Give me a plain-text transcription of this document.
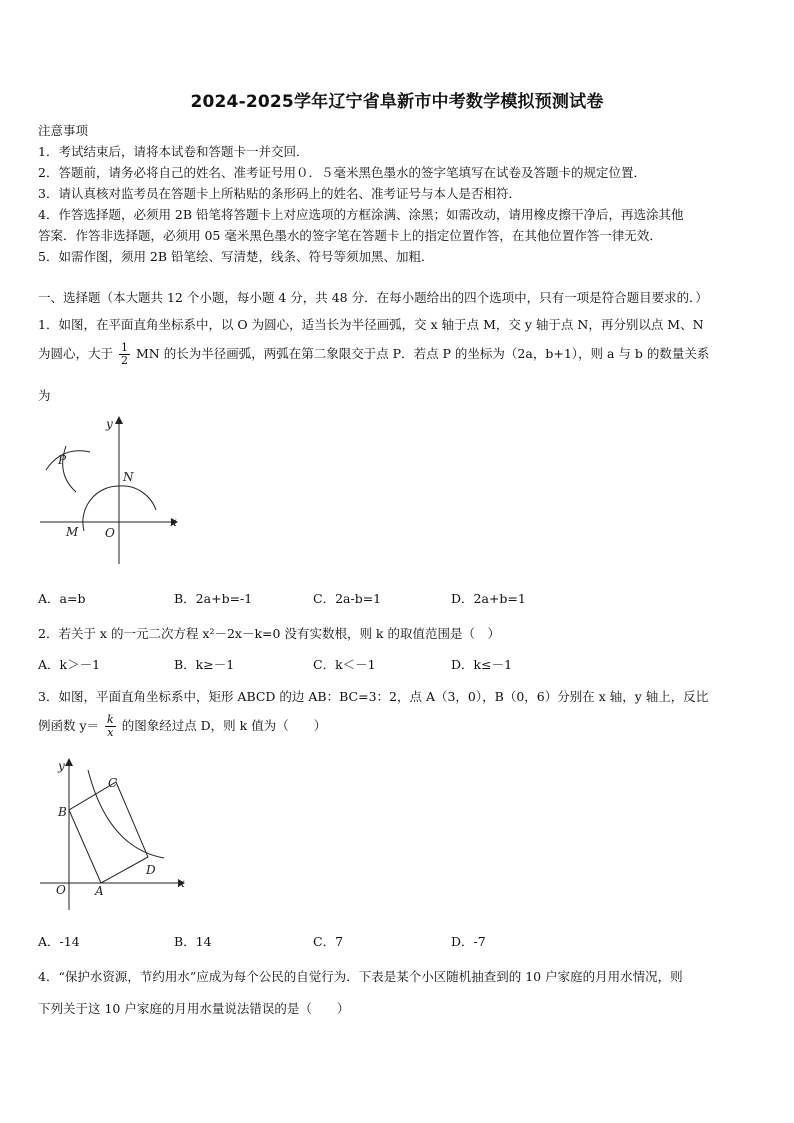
2024-2025学年辽宁省阜新市中考数学模拟预测试卷
注意事项
1．考试结束后，请将本试卷和答题卡一并交回．
2．答题前，请务必将自己的姓名、准考证号用０．５毫米黑色墨水的签字笔填写在试卷及答题卡的规定位置．
3．请认真核对监考员在答题卡上所粘贴的条形码上的姓名、准考证号与本人是否相符．
4．作答选择题，必须用 2B 铅笔将答题卡上对应选项的方框涂满、涂黑；如需改动，请用橡皮擦干净后，再选涂其他
答案．作答非选择题，必须用 05 毫米黑色墨水的签字笔在答题卡上的指定位置作答，在其他位置作答一律无效．
5．如需作图，须用 2B 铅笔绘、写清楚，线条、符号等须加黑、加粗．
一、选择题（本大题共 12 个小题，每小题 4 分，共 48 分．在每小题给出的四个选项中，只有一项是符合题目要求的．）
1．如图，在平面直角坐标系中，以 O 为圆心，适当长为半径画弧，交 x 轴于点 M，交 y 轴于点 N，再分别以点 M、N
为圆心，大于 $\frac{1}{2}$ MN 的长为半径画弧，两弧在第二象限交于点 P．若点 P 的坐标为（2a，b+1），则 a 与 b 的数量关系
为
y
x
P
N
M O
A．a=b	B．2a+b=-1	C．2a-b=1	D．2a+b=1
2．若关于 x 的一元二次方程 x²－2x－k=0 没有实数根，则 k 的取值范围是（　）
A．k＞－1	B．k≥－1	C．k＜－1	D．k≤－1
3．如图，平面直角坐标系中，矩形 ABCD 的边 AB：BC=3：2，点 A（3，0），B（0，6）分别在 x 轴，y 轴上，反比
例函数 $y= \frac{k}{x}$ 的图象经过点 D，则 k 值为（　　）
y
x
B
C
D
O A
A．-14	B．14	C．7	D．-7
4．“保护水资源，节约用水”应成为每个公民的自觉行为．下表是某个小区随机抽查到的 10 户家庭的月用水情况，则
下列关于这 10 户家庭的月用水量说法错误的是（　　）
